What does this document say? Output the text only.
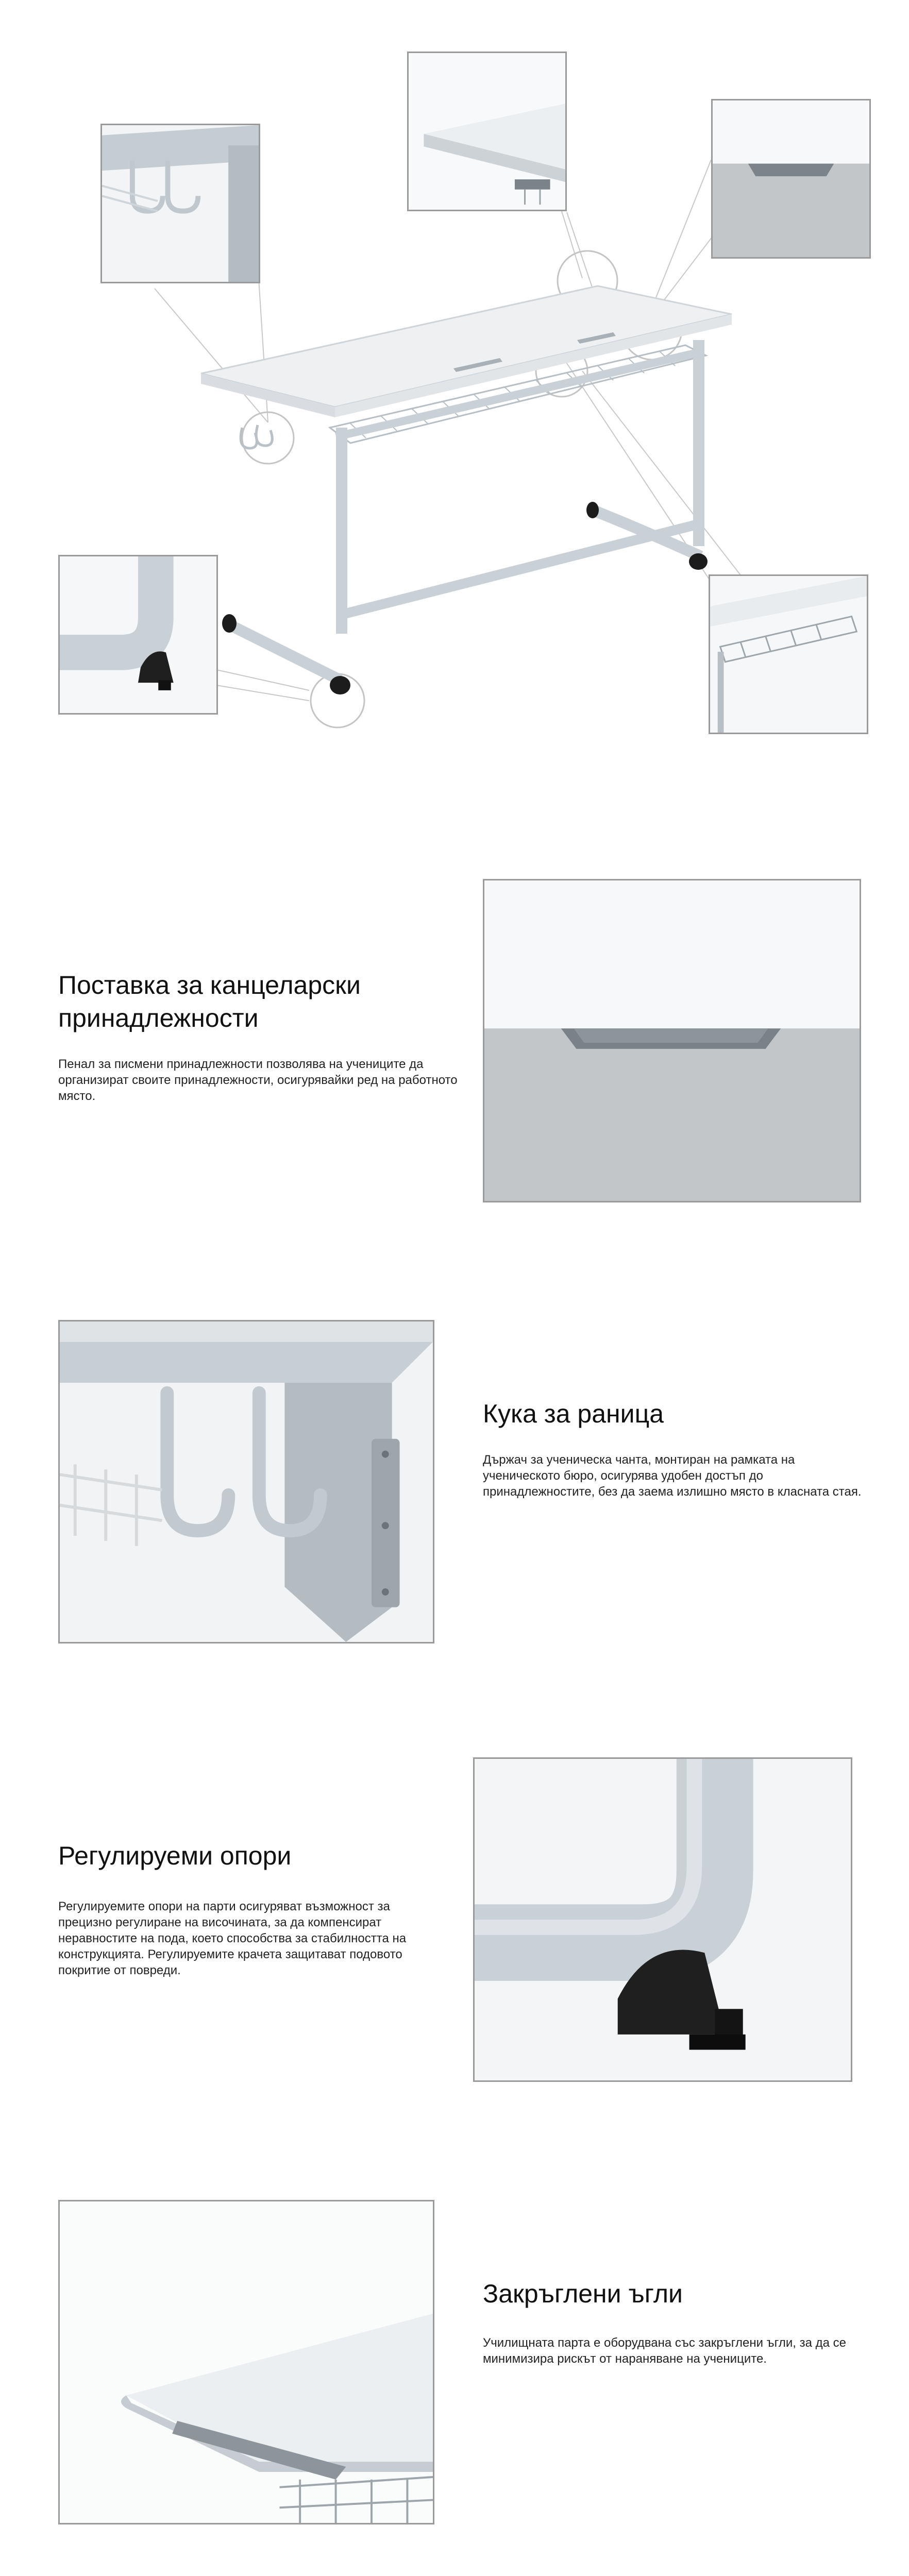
Поставка за канцеларски принадлежности

Пенал за писмени принадлежности позволява на учениците да организират своите принадлежности, осигурявайки ред на работното място.

Кука за раница

Държач за ученическа чанта, монтиран на рамката на ученическото бюро, осигурява удобен достъп до принадлежностите, без да заема излишно място в класната стая.

Регулируеми опори

Регулируемите опори на парти осигуряват възможност за прецизно регулиране на височината, за да компенсират неравностите на пода, което способства за стабилността на конструкцията. Регулируемите крачета защитават подовото покритие от повреди.

Закръглени ъгли

Училищната парта е оборудвана със закръглени ъгли, за да се минимизира рискът от нараняване на учениците.
